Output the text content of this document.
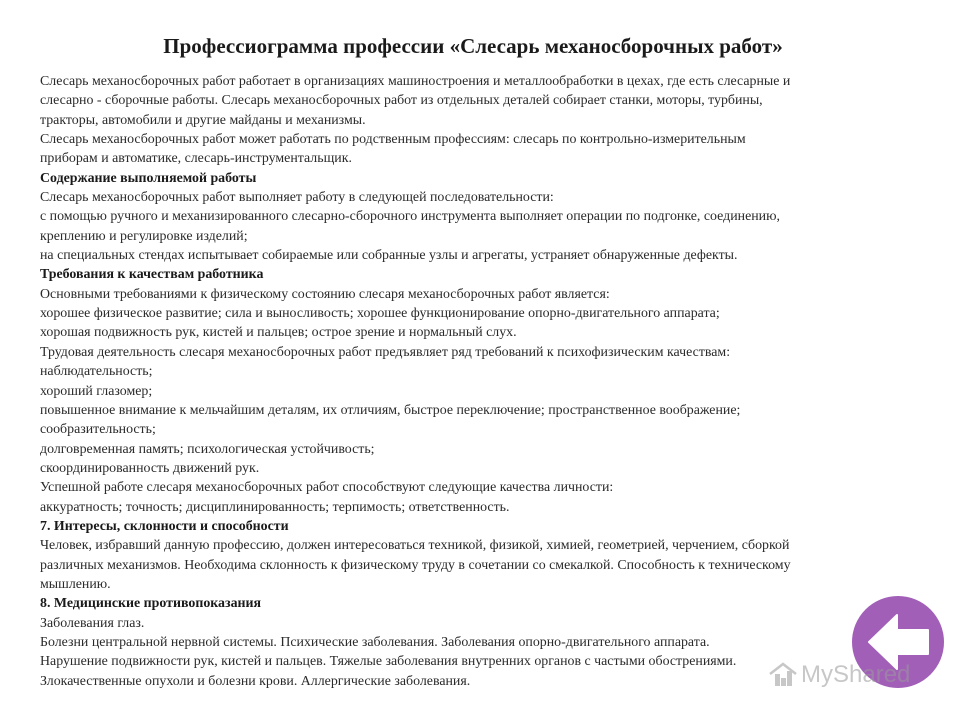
Профессиограмма профессии «Слесарь механосборочных работ»
Слесарь механосборочных работ работает в организациях машиностроения и металлообработки в цехах, где есть слесарные и
слесарно - сборочные работы. Слесарь механосборочных работ из отдельных деталей собирает станки, моторы, турбины,
тракторы, автомобили и другие майданы и механизмы.
Слесарь механосборочных работ может работать по родственным профессиям: слесарь по контрольно-измерительным
приборам и автоматике, слесарь-инструментальщик.
Содержание выполняемой работы
Слесарь механосборочных работ выполняет работу в следующей последовательности:
с помощью ручного и механизированного слесарно-сборочного инструмента выполняет операции по подгонке, соединению,
креплению и регулировке изделий;
на специальных стендах испытывает собираемые или собранные узлы и агрегаты, устраняет обнаруженные дефекты.
Требования к качествам работника
Основными требованиями к физическому состоянию слесаря механосборочных работ является:
хорошее физическое развитие; сила и выносливость; хорошее функционирование опорно-двигательного аппарата;
хорошая подвижность рук, кистей и пальцев; острое зрение и нормальный слух.
Трудовая деятельность слесаря механосборочных работ предъявляет ряд требований к психофизическим качествам:
наблюдательность;
хороший глазомер;
повышенное внимание к мельчайшим деталям, их отличиям, быстрое переключение; пространственное воображение;
сообразительность;
долговременная память; психологическая устойчивость;
скоординированность движений рук.
Успешной работе слесаря механосборочных работ способствуют следующие качества личности:
аккуратность; точность; дисциплинированность; терпимость; ответственность.
7. Интересы, склонности и способности
Человек, избравший данную профессию, должен интересоваться техникой, физикой, химией, геометрией, черчением, сборкой
различных механизмов. Необходима склонность к физическому труду в сочетании со смекалкой. Способность к техническому
мышлению.
8. Медицинские противопоказания
Заболевания глаз.
Болезни центральной нервной системы. Психические заболевания. Заболевания опорно-двигательного аппарата.
Нарушение подвижности рук, кистей и пальцев. Тяжелые заболевания внутренних органов с частыми обострениями.
Злокачественные опухоли и болезни крови. Аллергические заболевания.	MyShared
